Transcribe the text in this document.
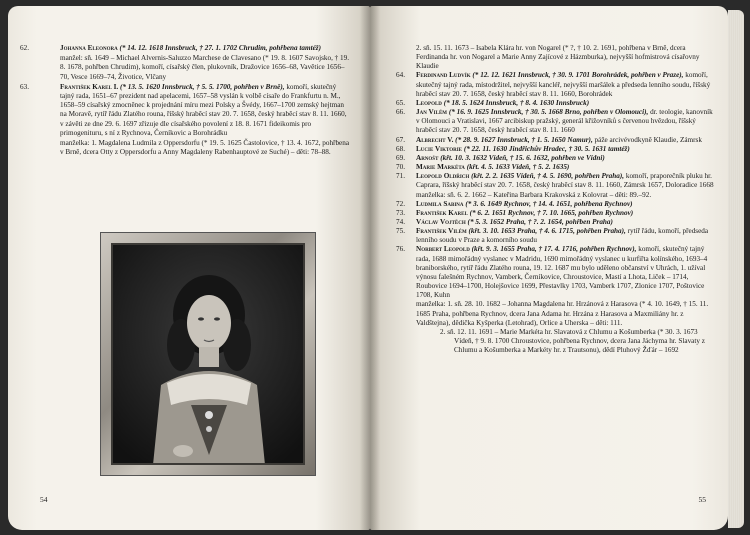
62.	Johanna Eleonora (* 14. 12. 1618 Innsbruck, † 27. 1. 1702 Chrudim, pohřbena tamtéž)
manžel: sň. 1649 – Michael Alvernis-Saluzzo Marchese de Clavesano (* 19. 8. 1607 Savojsko, † 19. 8. 1678, pohřben Chrudim), komoří, císařský člen, plukovník, Dražovice 1656–68, Vavětice 1656–70, Vesce 1669–74, Životice, Vlčany
63.	František Karel I. (* 13. 5. 1620 Innsbruck, † 5. 5. 1700, pohřben v Brně), komoří, skutečný tajný rada, 1651–67 prezident nad apelacemi, 1657–58 vyslán k volbě císaře do Frankfurtu n. M., 1658–59 císařský zmocněnec k projednání míru mezi Polsky a Švédy, 1667–1700 zemský hejtman na Moravě, rytíř řádu Zlatého rouna, říšský hraběcí stav 20. 7. 1658, český hraběcí stav 8. 11. 1660, v závěti ze dne 29. 6. 1697 zřizuje dle císařského povolení z 18. 8. 1671 fideikomis pro primogenituru, s ní z Rychnova, Černíkovic a Borohrádku
manželka: 1. Magdalena Ludmila z Oppersdorfu (* 19. 5. 1625 Častolovice, † 13. 4. 1672, pohřbena v Brně, dcera Otty z Oppersdorfu a Anny Magdaleny Rabenhauptové ze Suché) – děti: 78–88.
54
2. sň. 15. 11. 1673 – Isabela Klára hr. von Nogarel (* ?, † 10. 2. 1691, pohřbena v Brně, dcera Ferdinanda hr. von Nogarel a Marie Anny Zajícové z Házmburka), nejvyšší hofmistrová císařovny Klaudie
64. Ferdinand Ludvík (* 12. 12. 1621 Innsbruck, † 30. 9. 1701 Borohrádek, pohřben v Praze), komoří, skutečný tajný rada, místodržitel, nejvyšší kancléř, nejvyšší maršálek a předseda lenního soudu, říšský hraběcí stav 20. 7. 1658, český hraběcí stav 8. 11. 1660, Borohrádek
65. Leopold (* 18. 5. 1624 Innsbruck, † 8. 4. 1630 Innsbruck)
66. Jan Vilém (* 16. 9. 1625 Innsbruck, † 30. 5. 1668 Brno, pohřben v Olomouci), dr. teologie, kanovník v Olomouci a Vratislavi, 1667 arcibiskup pražský, generál křižovníků s červenou hvězdou, říšský hraběcí stav 20. 7. 1658, český hraběcí stav 8. 11. 1660
67. Albrecht V. (* 28. 9. 1627 Innsbruck, † 1. 5. 1650 Namur), páže arcivévodkyně Klaudie, Zámrsk
68. Lucie Viktorie (* 22. 11. 1630 Jindřichův Hradec, † 30. 5. 1631 tamtéž)
69. Arnošt (křt. 10. 3. 1632 Vídeň, † 15. 6. 1632, pohřben ve Vídni)
70. Marie Markéta (křt. 4. 5. 1633 Vídeň, † 5. 2. 1635)
71. Leopold Oldřich (křt. 2. 2. 1635 Vídeň, † 4. 5. 1690, pohřben Praha), komoří, praporečník pluku hr. Caprara, říšský hraběcí stav 20. 7. 1658, český hraběcí stav 8. 11. 1660, Zámrsk 1657, Doloradice 1668
manželka: sň. 6. 2. 1662 – Kateřina Barbara Krakovská z Kolovrat – děti: 89.–92.
72. Ludmila Sabina (* 3. 6. 1649 Rychnov, † 14. 4. 1651, pohřbena Rychnov)
73. František Karel (* 6. 2. 1651 Rychnov, † 7. 10. 1665, pohřben Rychnov)
74. Václav Vojtěch (* 5. 3. 1652 Praha, † ?. 2. 1654, pohřben Praha)
75. František Vilém (křt. 3. 10. 1653 Praha, † 4. 6. 1715, pohřben Praha), rytíř řádu, komoří, předseda lenního soudu v Praze a komorního soudu
76. Norbert Leopold (křt. 9. 3. 1655 Praha, † 17. 4. 1716, pohřben Rychnov), komoří, skutečný tajný rada, 1688 mimořádný vyslanec v Madridu, 1690 mimořádný vyslanec u kurfiřta kolínského, 1693–4 braniborského, rytíř řádu Zlatého rouna, 19. 12. 1687 mu bylo uděleno občanství v Uhrách, 1. užíval výnosu falešném Rychnov, Vamberk, Černíkovice, Chroustovice, Mastí a Lhota, Liček – 1714, Roubovice 1694–1700, Holejšovice 1699, Přestavlky 1703, Vamberk 1707, Zlonice 1707, Poštovice 1708, Kuhn
manželka: 1. sň. 28. 10. 1682 – Johanna Magdalena hr. Hrzánová z Harasova (* 4. 10. 1649, † 15. 11. 1685 Praha, pohřbena Rychnov, dcera Jana Adama hr. Hrzána z Harasova a Maxmiliány hr. z Valdštejna), dědička Kyšperka (Letohrad), Orlice a Uherska – děti: 111.
2. sň. 12. 11. 1691 – Marie Markéta hr. Slavatová z Chlumu a Košumberka (* 30. 3. 1673 Vídeň, † 9. 8. 1700 Chroustovice, pohřbena Rychnov, dcera Jana Jáchyma hr. Slavaty z Chlumu a Košumberka a Markéty hr. z Trautsonu), dědí Pluhový Žďár – 1692
55
